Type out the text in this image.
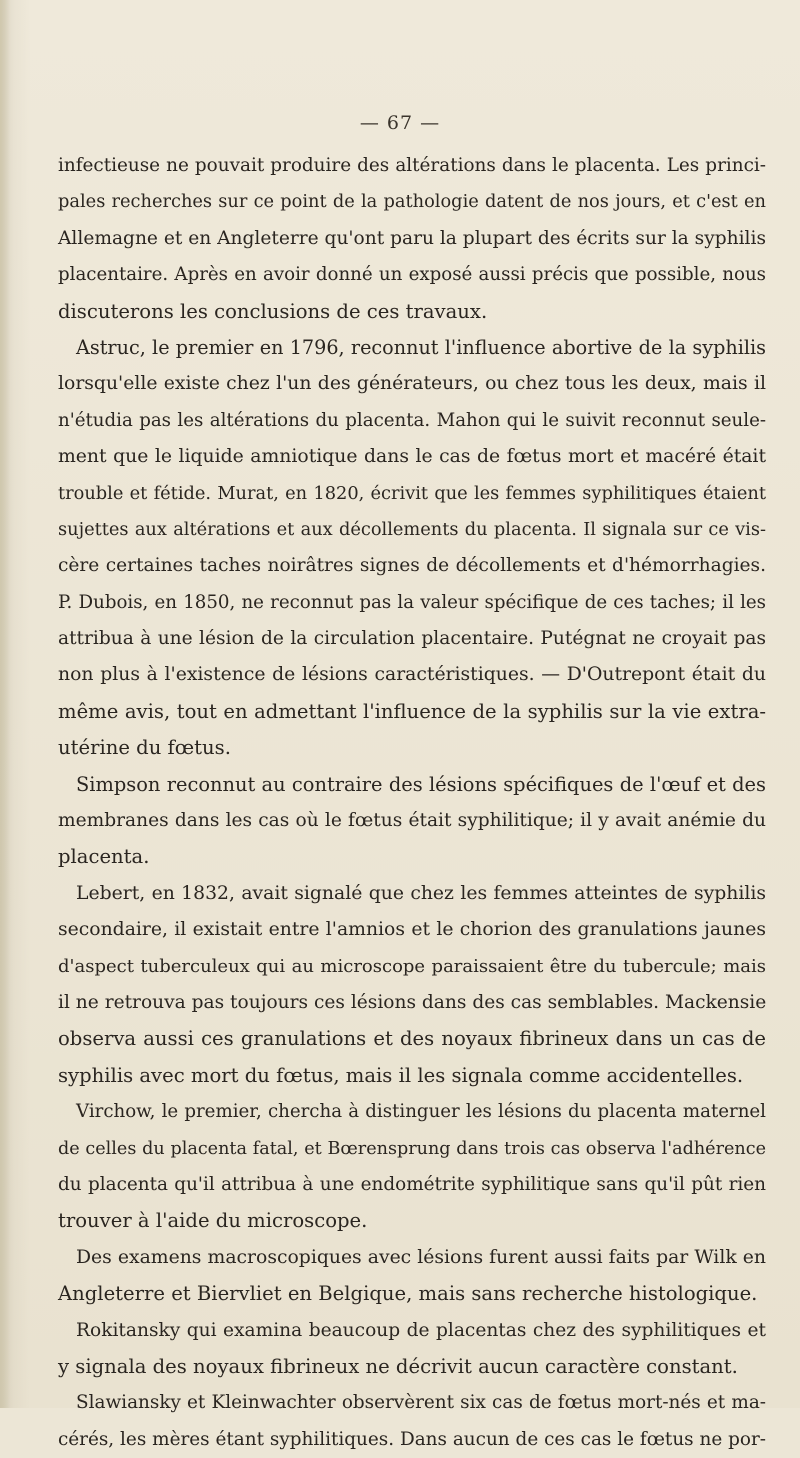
— 67 —
infectieuse ne pouvait produire des altérations dans le placenta. Les princi-
pales recherches sur ce point de la pathologie datent de nos jours, et c'est en
Allemagne et en Angleterre qu'ont paru la plupart des écrits sur la syphilis
placentaire. Après en avoir donné un exposé aussi précis que possible, nous
discuterons les conclusions de ces travaux.
Astruc, le premier en 1796, reconnut l'influence abortive de la syphilis
lorsqu'elle existe chez l'un des générateurs, ou chez tous les deux, mais il
n'étudia pas les altérations du placenta. Mahon qui le suivit reconnut seule-
ment que le liquide amniotique dans le cas de fœtus mort et macéré était
trouble et fétide. Murat, en 1820, écrivit que les femmes syphilitiques étaient
sujettes aux altérations et aux décollements du placenta. Il signala sur ce vis-
cère certaines taches noirâtres signes de décollements et d'hémorrhagies.
P. Dubois, en 1850, ne reconnut pas la valeur spécifique de ces taches; il les
attribua à une lésion de la circulation placentaire. Putégnat ne croyait pas
non plus à l'existence de lésions caractéristiques. — D'Outrepont était du
même avis, tout en admettant l'influence de la syphilis sur la vie extra-
utérine du fœtus.
Simpson reconnut au contraire des lésions spécifiques de l'œuf et des
membranes dans les cas où le fœtus était syphilitique; il y avait anémie du
placenta.
Lebert, en 1832, avait signalé que chez les femmes atteintes de syphilis
secondaire, il existait entre l'amnios et le chorion des granulations jaunes
d'aspect tuberculeux qui au microscope paraissaient être du tubercule; mais
il ne retrouva pas toujours ces lésions dans des cas semblables. Mackensie
observa aussi ces granulations et des noyaux fibrineux dans un cas de
syphilis avec mort du fœtus, mais il les signala comme accidentelles.
Virchow, le premier, chercha à distinguer les lésions du placenta maternel
de celles du placenta fatal, et Bœrensprung dans trois cas observa l'adhérence
du placenta qu'il attribua à une endométrite syphilitique sans qu'il pût rien
trouver à l'aide du microscope.
Des examens macroscopiques avec lésions furent aussi faits par Wilk en
Angleterre et Biervliet en Belgique, mais sans recherche histologique.
Rokitansky qui examina beaucoup de placentas chez des syphilitiques et
y signala des noyaux fibrineux ne décrivit aucun caractère constant.
Slawiansky et Kleinwachter observèrent six cas de fœtus mort-nés et ma-
cérés, les mères étant syphilitiques. Dans aucun de ces cas le fœtus ne por-
